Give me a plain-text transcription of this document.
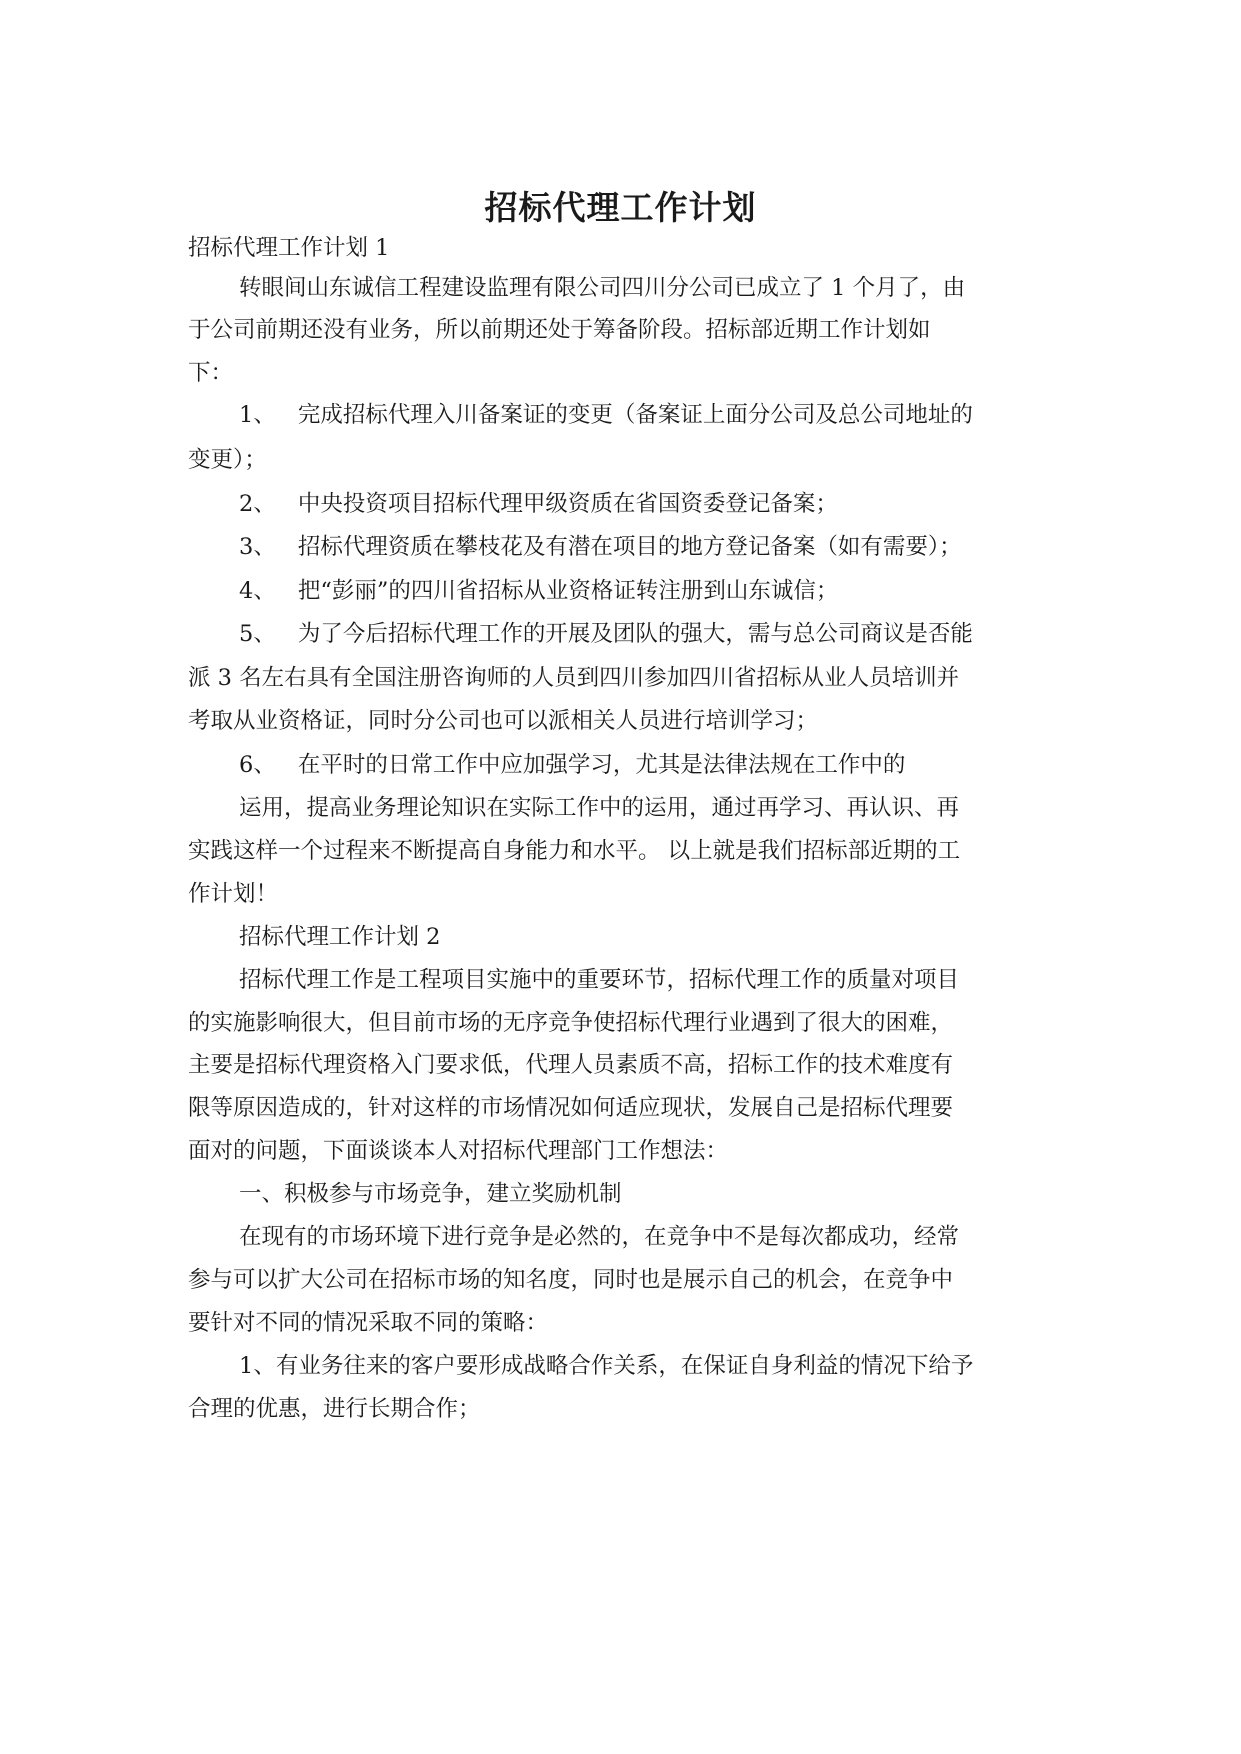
招标代理工作计划
招标代理工作计划 1
转眼间山东诚信工程建设监理有限公司四川分公司已成立了 1 个月了，由
于公司前期还没有业务，所以前期还处于筹备阶段。招标部近期工作计划如
下：
1、 完成招标代理入川备案证的变更（备案证上面分公司及总公司地址的
变更）；
2、 中央投资项目招标代理甲级资质在省国资委登记备案；
3、 招标代理资质在攀枝花及有潜在项目的地方登记备案（如有需要）；
4、 把“彭丽”的四川省招标从业资格证转注册到山东诚信；
5、 为了今后招标代理工作的开展及团队的强大，需与总公司商议是否能
派 3 名左右具有全国注册咨询师的人员到四川参加四川省招标从业人员培训并
考取从业资格证，同时分公司也可以派相关人员进行培训学习；
6、 在平时的日常工作中应加强学习，尤其是法律法规在工作中的
运用，提高业务理论知识在实际工作中的运用，通过再学习、再认识、再
实践这样一个过程来不断提高自身能力和水平。 以上就是我们招标部近期的工
作计划！
招标代理工作计划 2
招标代理工作是工程项目实施中的重要环节，招标代理工作的质量对项目
的实施影响很大，但目前市场的无序竞争使招标代理行业遇到了很大的困难，
主要是招标代理资格入门要求低，代理人员素质不高，招标工作的技术难度有
限等原因造成的，针对这样的市场情况如何适应现状，发展自己是招标代理要
面对的问题，下面谈谈本人对招标代理部门工作想法：
一、积极参与市场竞争，建立奖励机制
在现有的市场环境下进行竞争是必然的，在竞争中不是每次都成功，经常
参与可以扩大公司在招标市场的知名度，同时也是展示自己的机会，在竞争中
要针对不同的情况采取不同的策略：
1、有业务往来的客户要形成战略合作关系，在保证自身利益的情况下给予
合理的优惠，进行长期合作；
